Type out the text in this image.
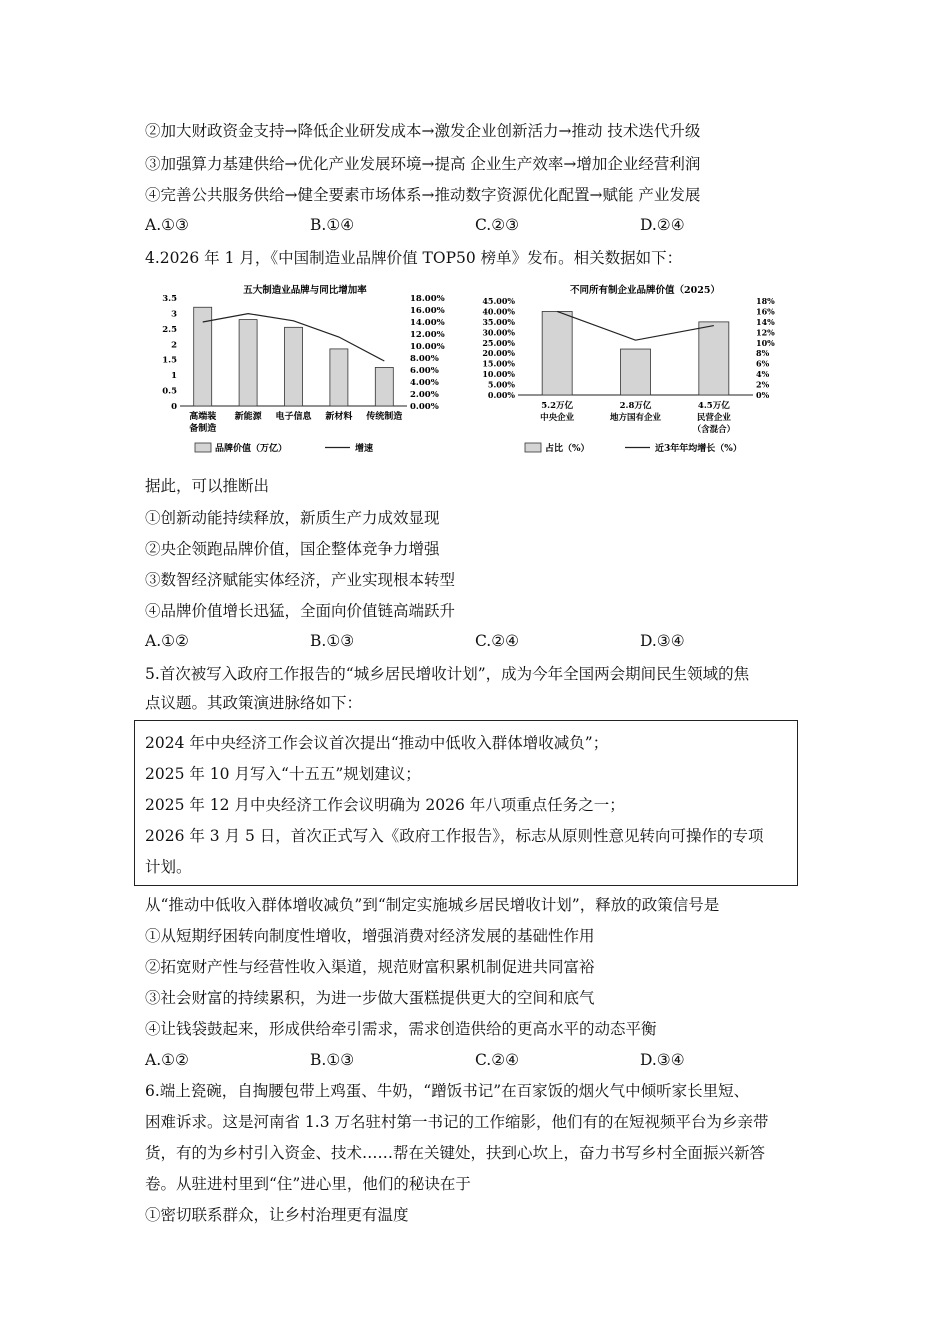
②加大财政资金支持→降低企业研发成本→激发企业创新活力→推动 技术迭代升级
③加强算力基建供给→优化产业发展环境→提高 企业生产效率→增加企业经营利润
④完善公共服务供给→健全要素市场体系→推动数字资源优化配置→赋能 产业发展
A.①③	B.①④	C.②③	D.②④
4.2026 年 1 月，《中国制造业品牌价值 TOP50 榜单》发布。相关数据如下：
五大制造业品牌与同比增加率
3.5
3
2.5
2
1.5
1
0.5
0
18.00%
16.00%
14.00%
12.00%
10.00%
8.00%
6.00%
4.00%
2.00%
0.00%
高端装备制造
新能源 电子信息 新材料 传统制造
品牌价值（万亿）	增速
不同所有制企业品牌价值（2025）
45.00%
40.00%
35.00%
30.00%
25.00%
20.00%
15.00%
10.00%
5.00%
0.00%
18%
16%
14%
12%
10%
8%
6%
4%
2%
0%
5.2万亿中央企业
2.8万亿地方国有企业
4.5万亿民营企业（含混合）
占比（%）	近3年年均增长（%）
据此，可以推断出
①创新动能持续释放，新质生产力成效显现
②央企领跑品牌价值，国企整体竞争力增强
③数智经济赋能实体经济，产业实现根本转型
④品牌价值增长迅猛，全面向价值链高端跃升
A.①②	B.①③	C.②④	D.③④
5.首次被写入政府工作报告的“城乡居民增收计划”，成为今年全国两会期间民生领域的焦
点议题。其政策演进脉络如下：
2024 年中央经济工作会议首次提出“推动中低收入群体增收减负”；
2025 年 10 月写入“十五五”规划建议；
2025 年 12 月中央经济工作会议明确为 2026 年八项重点任务之一；
2026 年 3 月 5 日，首次正式写入《政府工作报告》，标志从原则性意见转向可操作的专项
计划。
从“推动中低收入群体增收减负”到“制定实施城乡居民增收计划”，释放的政策信号是
①从短期纾困转向制度性增收，增强消费对经济发展的基础性作用
②拓宽财产性与经营性收入渠道，规范财富积累机制促进共同富裕
③社会财富的持续累积，为进一步做大蛋糕提供更大的空间和底气
④让钱袋鼓起来，形成供给牵引需求，需求创造供给的更高水平的动态平衡
A.①②	B.①③	C.②④	D.③④
6.端上瓷碗，自掏腰包带上鸡蛋、牛奶，“蹭饭书记”在百家饭的烟火气中倾听家长里短、
困难诉求。这是河南省 1.3 万名驻村第一书记的工作缩影，他们有的在短视频平台为乡亲带
货，有的为乡村引入资金、技术……帮在关键处，扶到心坎上，奋力书写乡村全面振兴新答
卷。从驻进村里到“住”进心里，他们的秘诀在于
①密切联系群众，让乡村治理更有温度
